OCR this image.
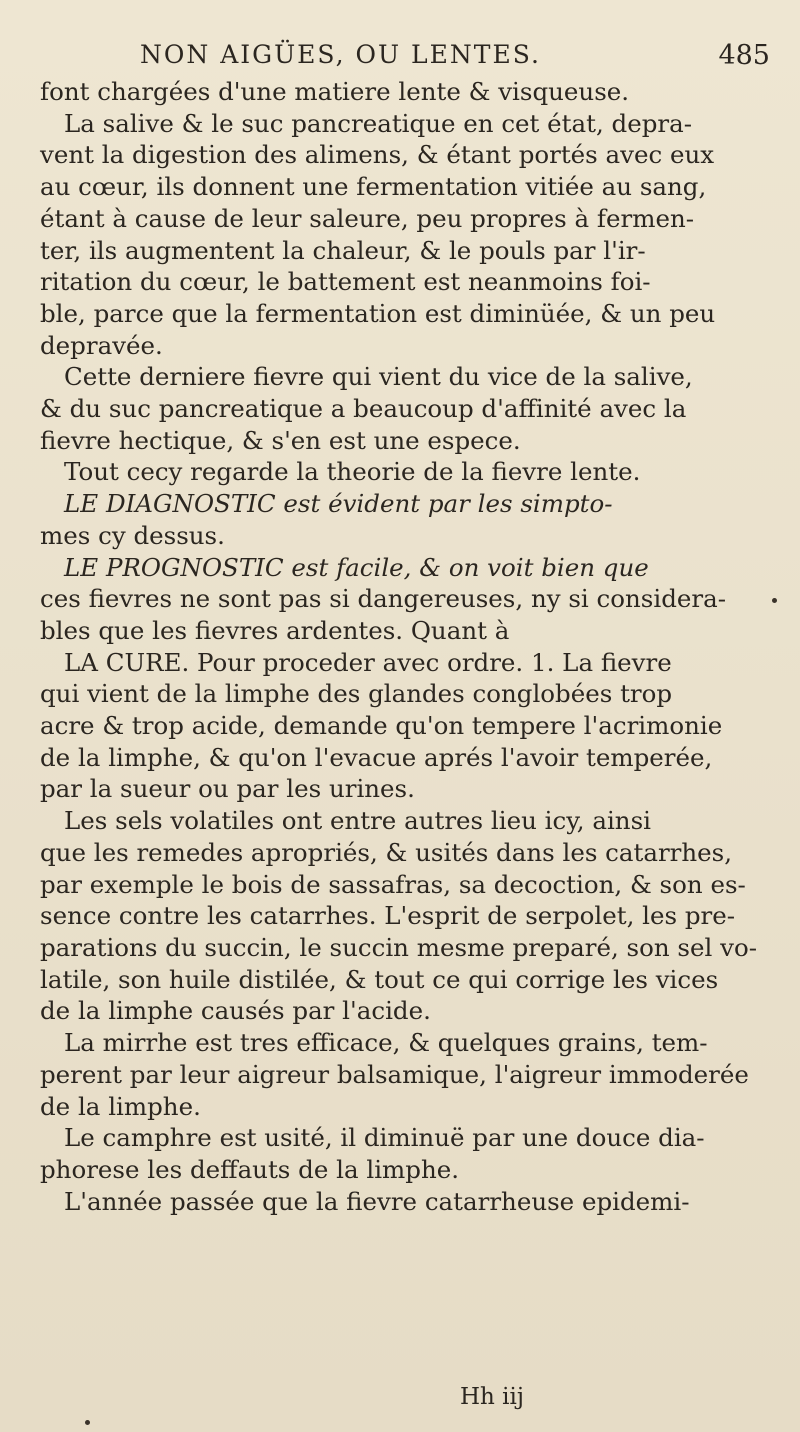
NON AIGÜES, OU LENTES.	485
font chargées d'une matiere lente & visqueuse.
La salive & le suc pancreatique en cet état, depra-
vent la digestion des alimens, & étant portés avec eux
au cœur, ils donnent une fermentation vitiée au sang,
étant à cause de leur saleure, peu propres à fermen-
ter, ils augmentent la chaleur, & le pouls par l'ir-
ritation du cœur, le battement est neanmoins foi-
ble, parce que la fermentation est diminüée, & un peu
depravée.
Cette derniere fievre qui vient du vice de la salive,
& du suc pancreatique a beaucoup d'affinité avec la
fievre hectique, & s'en est une espece.
Tout cecy regarde la theorie de la fievre lente.
LE DIAGNOSTIC est évident par les simpto-
mes cy dessus.
LE PROGNOSTIC est facile, & on voit bien que
ces fievres ne sont pas si dangereuses, ny si considera-
bles que les fievres ardentes. Quant à
LA CURE. Pour proceder avec ordre. 1. La fievre
qui vient de la limphe des glandes conglobées trop
acre & trop acide, demande qu'on tempere l'acrimonie
de la limphe, & qu'on l'evacue aprés l'avoir temperée,
par la sueur ou par les urines.
Les sels volatiles ont entre autres lieu icy, ainsi
que les remedes apropriés, & usités dans les catarrhes,
par exemple le bois de sassafras, sa decoction, & son es-
sence contre les catarrhes. L'esprit de serpolet, les pre-
parations du succin, le succin mesme preparé, son sel vo-
latile, son huile distilée, & tout ce qui corrige les vices
de la limphe causés par l'acide.
La mirrhe est tres efficace, & quelques grains, tem-
perent par leur aigreur balsamique, l'aigreur immoderée
de la limphe.
Le camphre est usité, il diminuë par une douce dia-
phorese les deffauts de la limphe.
L'année passée que la fievre catarrheuse epidemi-
Hh iij
